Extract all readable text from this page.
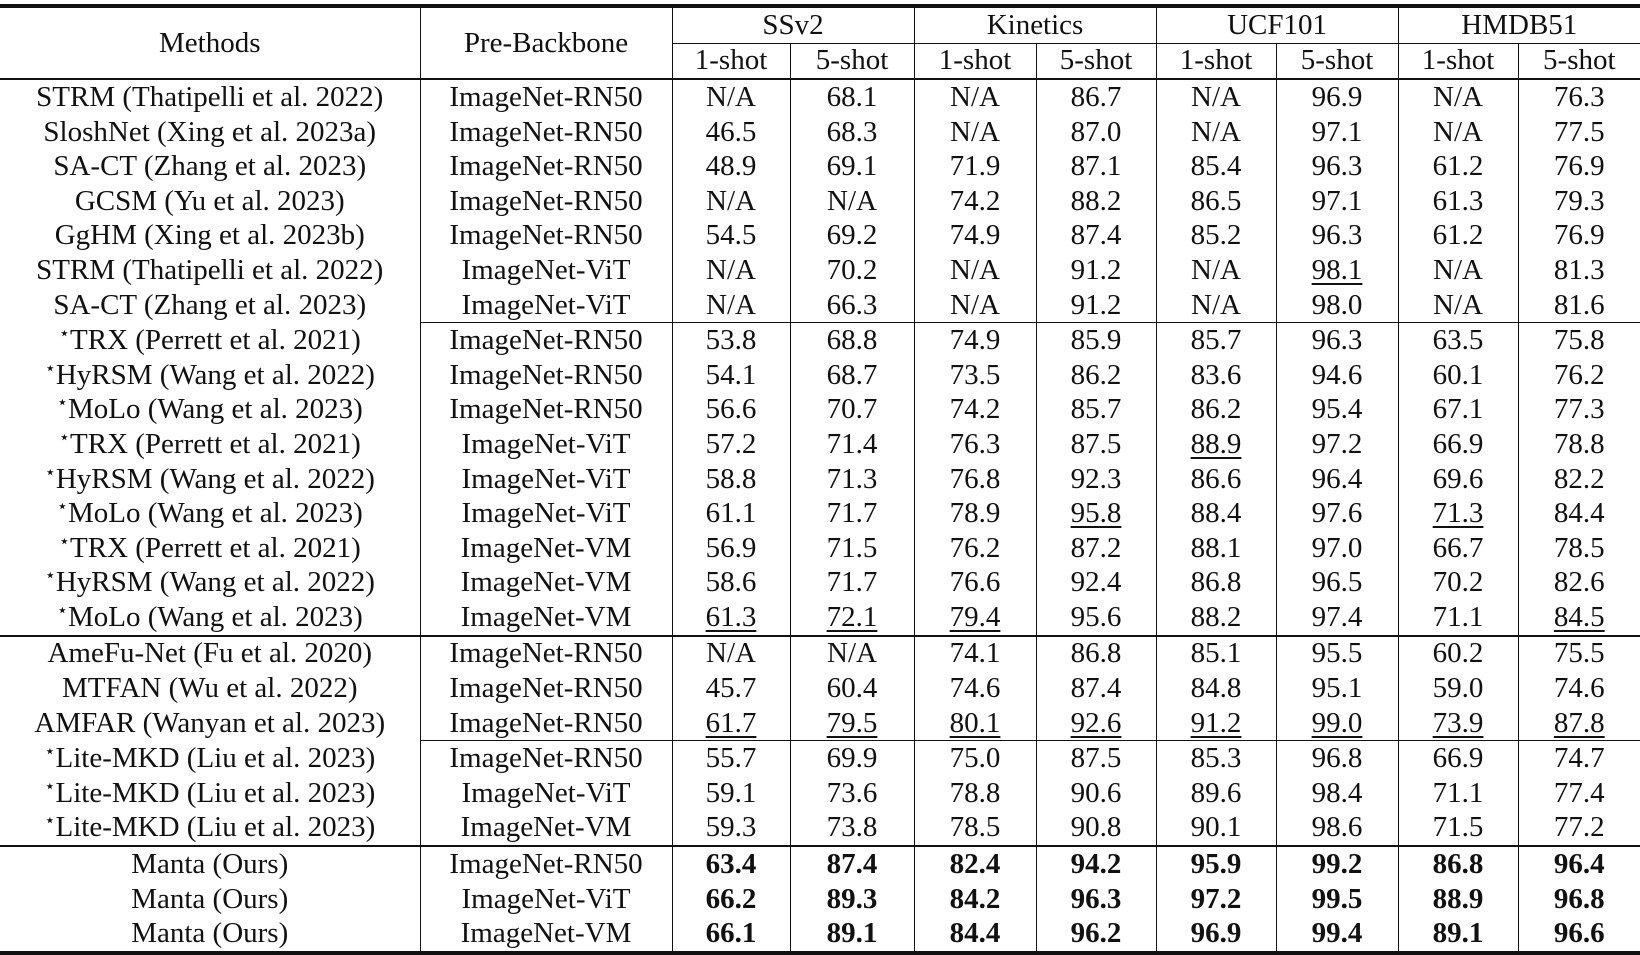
Methods	Pre-Backbone	SSv2		Kinetics		UCF101		HMDB51	
		1-shot	5-shot	1-shot	5-shot	1-shot	5-shot	1-shot	5-shot
STRM (Thatipelli et al. 2022)	ImageNet-RN50	N/A	68.1	N/A	86.7	N/A	96.9	N/A	76.3
SloshNet (Xing et al. 2023a)	ImageNet-RN50	46.5	68.3	N/A	87.0	N/A	97.1	N/A	77.5
SA-CT (Zhang et al. 2023)	ImageNet-RN50	48.9	69.1	71.9	87.1	85.4	96.3	61.2	76.9
GCSM (Yu et al. 2023)	ImageNet-RN50	N/A	N/A	74.2	88.2	86.5	97.1	61.3	79.3
GgHM (Xing et al. 2023b)	ImageNet-RN50	54.5	69.2	74.9	87.4	85.2	96.3	61.2	76.9
STRM (Thatipelli et al. 2022)	ImageNet-ViT	N/A	70.2	N/A	91.2	N/A	98.1	N/A	81.3
SA-CT (Zhang et al. 2023)	ImageNet-ViT	N/A	66.3	N/A	91.2	N/A	98.0	N/A	81.6
⋆TRX (Perrett et al. 2021)	ImageNet-RN50	53.8	68.8	74.9	85.9	85.7	96.3	63.5	75.8
⋆HyRSM (Wang et al. 2022)	ImageNet-RN50	54.1	68.7	73.5	86.2	83.6	94.6	60.1	76.2
⋆MoLo (Wang et al. 2023)	ImageNet-RN50	56.6	70.7	74.2	85.7	86.2	95.4	67.1	77.3
⋆TRX (Perrett et al. 2021)	ImageNet-ViT	57.2	71.4	76.3	87.5	88.9	97.2	66.9	78.8
⋆HyRSM (Wang et al. 2022)	ImageNet-ViT	58.8	71.3	76.8	92.3	86.6	96.4	69.6	82.2
⋆MoLo (Wang et al. 2023)	ImageNet-ViT	61.1	71.7	78.9	95.8	88.4	97.6	71.3	84.4
⋆TRX (Perrett et al. 2021)	ImageNet-VM	56.9	71.5	76.2	87.2	88.1	97.0	66.7	78.5
⋆HyRSM (Wang et al. 2022)	ImageNet-VM	58.6	71.7	76.6	92.4	86.8	96.5	70.2	82.6
⋆MoLo (Wang et al. 2023)	ImageNet-VM	61.3	72.1	79.4	95.6	88.2	97.4	71.1	84.5
AmeFu-Net (Fu et al. 2020)	ImageNet-RN50	N/A	N/A	74.1	86.8	85.1	95.5	60.2	75.5
MTFAN (Wu et al. 2022)	ImageNet-RN50	45.7	60.4	74.6	87.4	84.8	95.1	59.0	74.6
AMFAR (Wanyan et al. 2023)	ImageNet-RN50	61.7	79.5	80.1	92.6	91.2	99.0	73.9	87.8
⋆Lite-MKD (Liu et al. 2023)	ImageNet-RN50	55.7	69.9	75.0	87.5	85.3	96.8	66.9	74.7
⋆Lite-MKD (Liu et al. 2023)	ImageNet-ViT	59.1	73.6	78.8	90.6	89.6	98.4	71.1	77.4
⋆Lite-MKD (Liu et al. 2023)	ImageNet-VM	59.3	73.8	78.5	90.8	90.1	98.6	71.5	77.2
Manta (Ours)	ImageNet-RN50	63.4	87.4	82.4	94.2	95.9	99.2	86.8	96.4
Manta (Ours)	ImageNet-ViT	66.2	89.3	84.2	96.3	97.2	99.5	88.9	96.8
Manta (Ours)	ImageNet-VM	66.1	89.1	84.4	96.2	96.9	99.4	89.1	96.6
